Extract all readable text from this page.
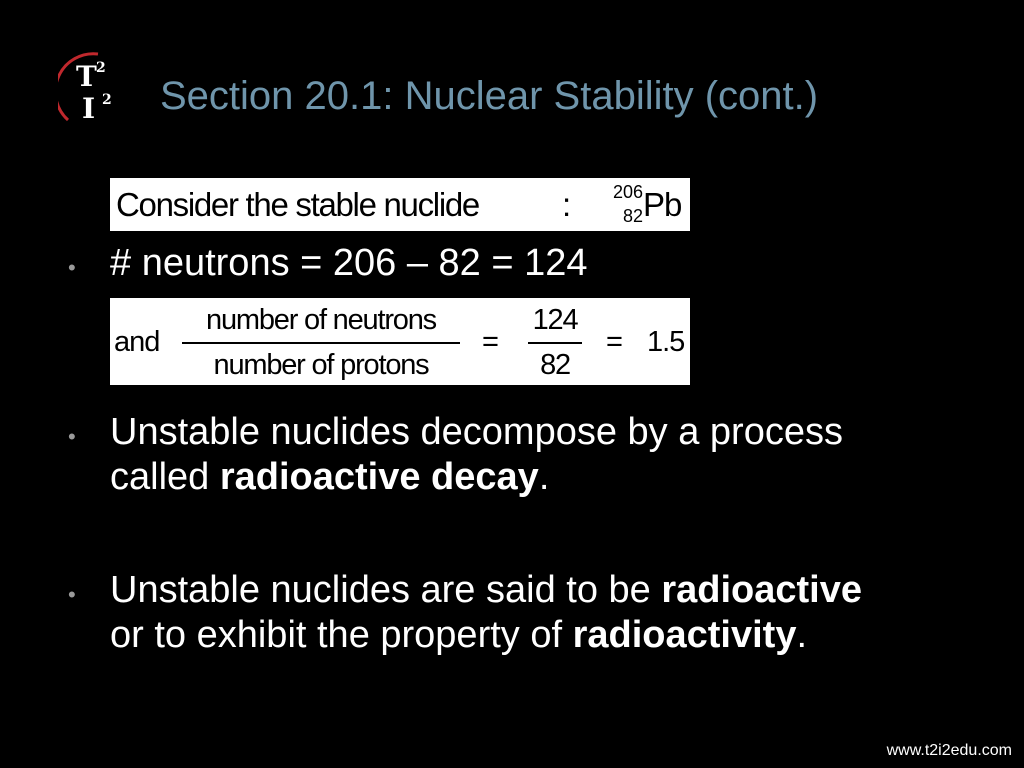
T 2
I 2 Section 20.1: Nuclear Stability (cont.)
Consider the stable nuclide	:	206
82 Pb
• # neutrons = 206 – 82 = 124
and
number of neutrons
number of protons
=
124
82
= 1.5
• Unstable nuclides decompose by a process
called radioactive decay.
• Unstable nuclides are said to be radioactive
or to exhibit the property of radioactivity.
www.t2i2edu.com
